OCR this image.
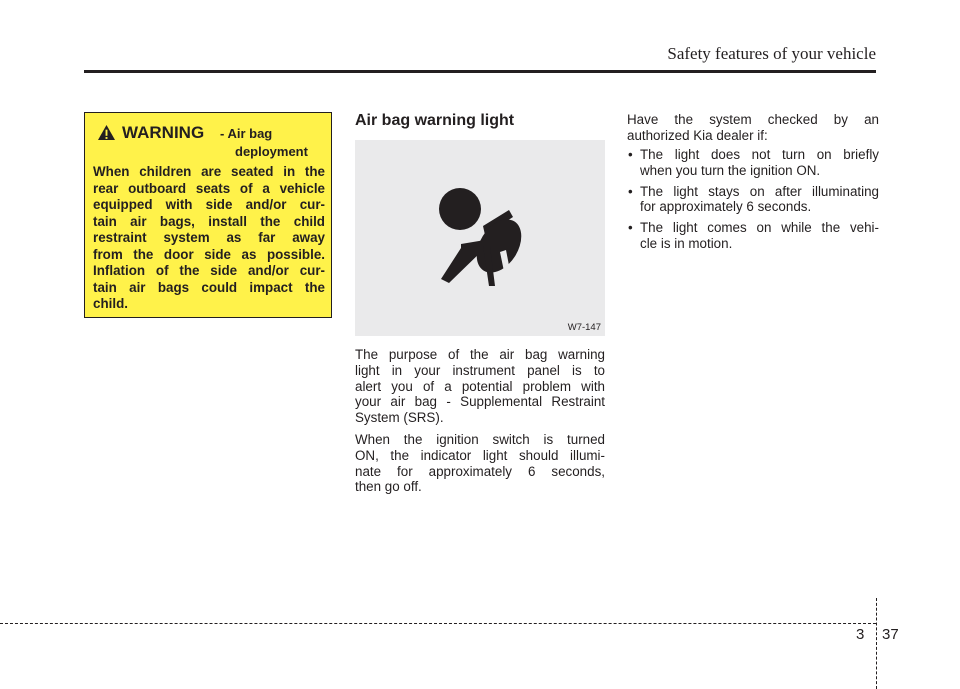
Safety features of your vehicle
WARNING - Air bag
deployment
When children are seated in the
rear outboard seats of a vehicle
equipped with side and/or cur-
tain air bags, install the child
restraint system as far away
from the door side as possible.
Inflation of the side and/or cur-
tain air bags could impact the
child.
Air bag warning light
W7-147
The purpose of the air bag warning
light in your instrument panel is to
alert you of a potential problem with
your air bag - Supplemental Restraint
System (SRS).
When the ignition switch is turned
ON, the indicator light should illumi-
nate for approximately 6 seconds,
then go off.
Have the system checked by an
authorized Kia dealer if:
• The light does not turn on briefly
when you turn the ignition ON.
• The light stays on after illuminating
for approximately 6 seconds.
• The light comes on while the vehi-
cle is in motion.
3 37
